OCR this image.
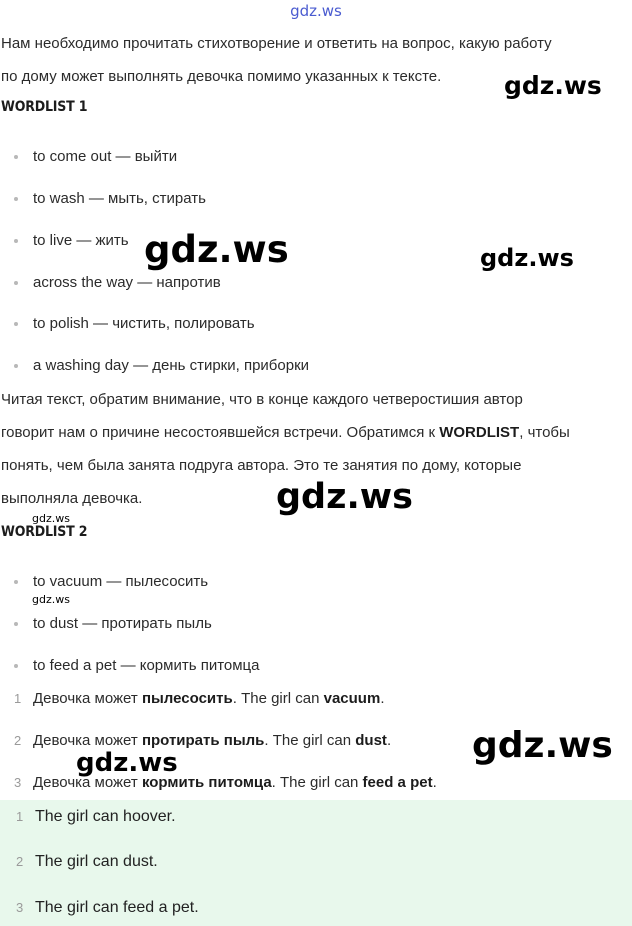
gdz.ws
Нам необходимо прочитать стихотворение и ответить на вопрос, какую работу
по дому может выполнять девочка помимо указанных к тексте.
WORDLIST 1
to come out — выйти
to wash — мыть, стирать
to live — жить
across the way — напротив
to polish — чистить, полировать
a washing day — день стирки, приборки
Читая текст, обратим внимание, что в конце каждого четверостишия автор
говорит нам о причине несостоявшейся встречи. Обратимся к WORDLIST, чтобы
понять, чем была занята подруга автора. Это те занятия по дому, которые
выполняла девочка.
WORDLIST 2
to vacuum — пылесосить
to dust — протирать пыль
to feed a pet — кормить питомца
1 Девочка может пылесосить. The girl can vacuum.
2 Девочка может протирать пыль. The girl can dust.
3 Девочка может кормить питомца. The girl can feed a pet.
1 The girl can hoover.
2 The girl can dust.
3 The girl can feed a pet.
gdz.ws
gdz.ws	gdz.ws
gdz.ws
gdz.ws
gdz.ws
gdz.ws
gdz.ws
